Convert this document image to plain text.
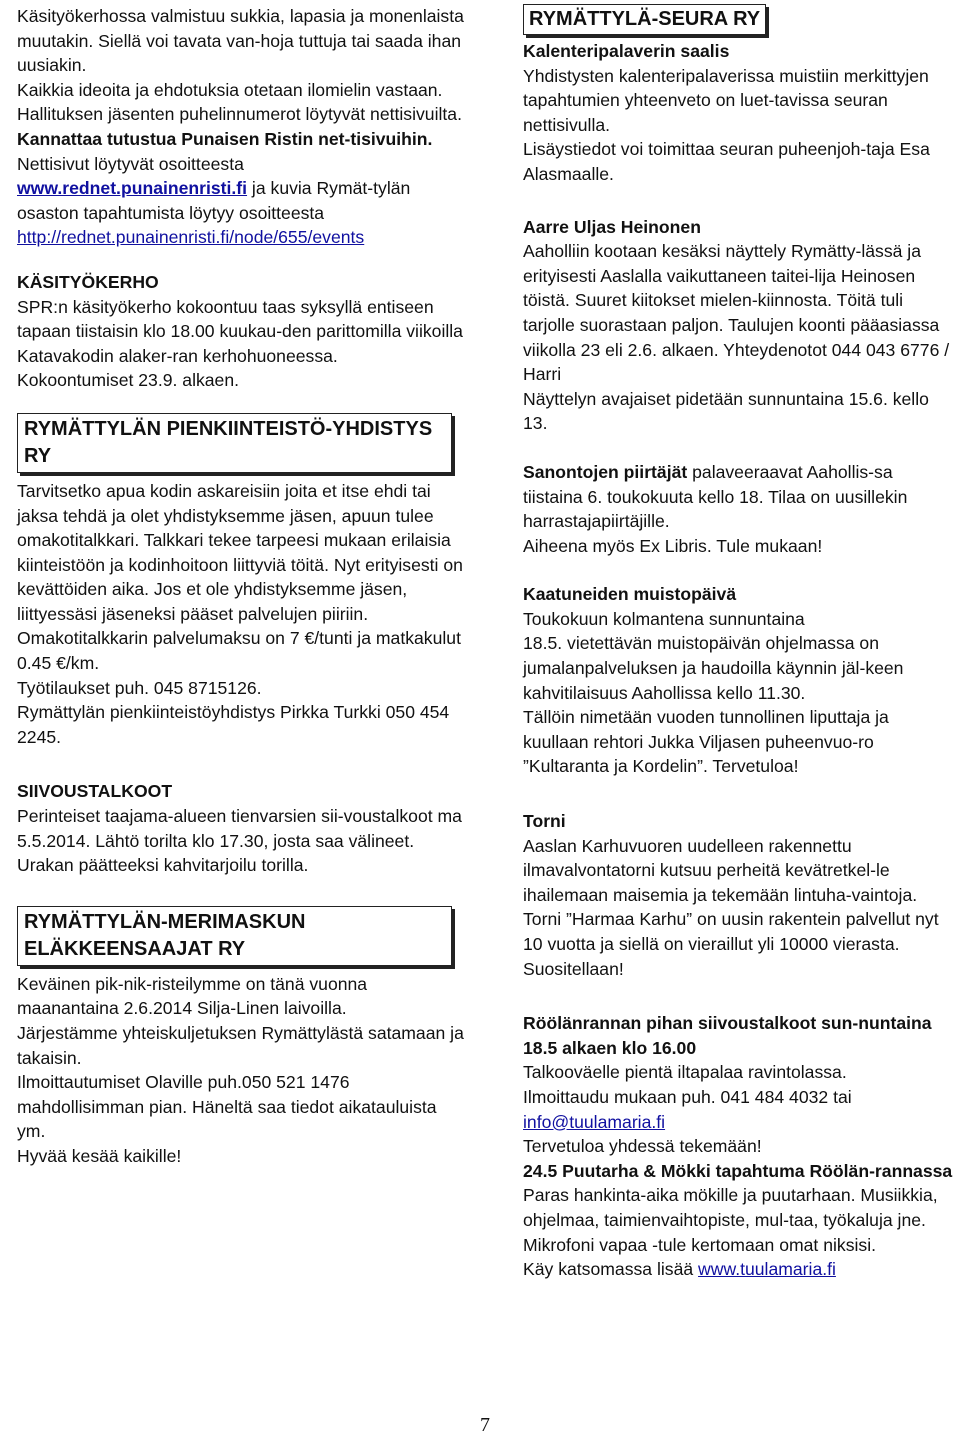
Käsityökerhossa valmistuu sukkia, lapasia ja monenlaista muutakin. Siellä voi tavata van-hoja tuttuja tai saada ihan uusiakin.

Kaikkia ideoita ja ehdotuksia otetaan ilomielin vastaan.

Hallituksen jäsenten puhelinnumerot löytyvät nettisivuilta.

Kannattaa tutustua Punaisen Ristin net-tisivuihin.

Nettisivut löytyvät osoitteesta

www.rednet.punainenristi.fi ja kuvia Rymät-tylän osaston tapahtumista löytyy osoitteesta

http://rednet.punainenristi.fi/node/655/events

KÄSITYÖKERHO

SPR:n käsityökerho kokoontuu taas syksyllä entiseen tapaan tiistaisin klo 18.00 kuukau-den parittomilla viikoilla Katavakodin alaker-ran kerhohuoneessa.

Kokoontumiset 23.9. alkaen.

RYMÄTTYLÄN PIENKIINTEISTÖ-YHDISTYS RY

Tarvitsetko apua kodin askareisiin joita et itse ehdi tai jaksa tehdä ja olet yhdistyksemme jäsen, apuun tulee omakotitalkkari. Talkkari tekee tarpeesi mukaan erilaisia kiinteistöön ja kodinhoitoon liittyviä töitä. Nyt erityisesti on kevättöiden aika. Jos et ole yhdistyksemme jäsen, liittyessäsi jäseneksi pääset palvelujen piiriin. Omakotitalkkarin palvelumaksu on 7 €/tunti ja matkakulut 0.45 €/km.

Työtilaukset puh. 045 8715126.

Rymättylän pienkiinteistöyhdistys Pirkka Turkki 050 454 2245.

SIIVOUSTALKOOT

Perinteiset taajama-alueen tienvarsien sii-voustalkoot ma 5.5.2014. Lähtö torilta klo 17.30, josta saa välineet. Urakan päätteeksi kahvitarjoilu torilla.

RYMÄTTYLÄN-MERIMASKUN ELÄKKEENSAAJAT RY

Keväinen pik-nik-risteilymme on tänä vuonna maanantaina 2.6.2014 Silja-Linen laivoilla.

Järjestämme yhteiskuljetuksen Rymättylästä satamaan ja takaisin.

Ilmoittautumiset Olaville puh.050 521 1476 mahdollisimman pian. Häneltä saa tiedot aikatauluista ym.

Hyvää kesää kaikille!

RYMÄTTYLÄ-SEURA RY

Kalenteripalaverin saalis

Yhdistysten kalenteripalaverissa muistiin merkittyjen tapahtumien yhteenveto on luet-tavissa seuran nettisivulla.

Lisäystiedot voi toimittaa seuran puheenjoh-taja Esa Alasmaalle.

Aarre Uljas Heinonen

Aaholliin kootaan kesäksi näyttely Rymätty-lässä ja erityisesti Aaslalla vaikuttaneen taitei-lija Heinosen töistä. Suuret kiitokset mielen-kiinnosta. Töitä tuli tarjolle suorastaan paljon. Taulujen koonti pääasiassa viikolla 23 eli 2.6. alkaen. Yhteydenotot 044 043 6776 / Harri

Näyttelyn avajaiset pidetään sunnuntaina 15.6. kello 13.

Sanontojen piirtäjät palaveeraavat Aahollis-sa tiistaina 6. toukokuuta kello 18. Tilaa on uusillekin harrastajapiirtäjille.

Aiheena myös Ex Libris. Tule mukaan!

Kaatuneiden muistopäivä

Toukokuun kolmantena sunnuntaina

18.5. vietettävän muistopäivän ohjelmassa on jumalanpalveluksen ja haudoilla käynnin jäl-keen kahvitilaisuus Aahollissa kello 11.30.

Tällöin nimetään vuoden tunnollinen liputtaja ja kuullaan rehtori Jukka Viljasen puheenvuo-ro ”Kultaranta ja Kordelin”. Tervetuloa!

Torni

Aaslan Karhuvuoren uudelleen rakennettu ilmavalvontatorni kutsuu perheitä kevätretkel-le ihailemaan maisemia ja tekemään lintuha-vaintoja. Torni ”Harmaa Karhu” on uusin rakentein palvellut nyt 10 vuotta ja siellä on vieraillut yli 10000 vierasta. Suositellaan!

Röölänrannan pihan siivoustalkoot sun-nuntaina 18.5 alkaen klo 16.00

Talkooväelle pientä iltapalaa ravintolassa.

Ilmoittaudu mukaan puh. 041 484 4032 tai

info@tuulamaria.fi

Tervetuloa yhdessä tekemään!

24.5 Puutarha & Mökki tapahtuma Röölän-rannassa

Paras hankinta-aika mökille ja puutarhaan. Musiikkia, ohjelmaa, taimienvaihtopiste, mul-taa, työkaluja jne.

Mikrofoni vapaa -tule kertomaan omat niksisi.

Käy katsomassa lisää www.tuulamaria.fi

7
